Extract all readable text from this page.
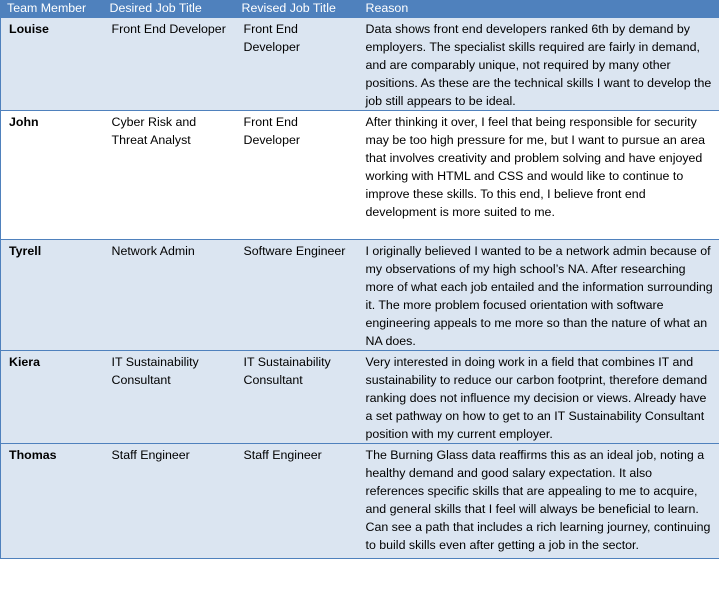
Team Member	Desired Job Title	Revised Job Title	Reason
Louise	Front End Developer	Front End Developer	Data shows front end developers ranked 6th by demand by employers. The specialist skills required are fairly in demand, and are comparably unique, not required by many other positions. As these are the technical skills I want to develop the job still appears to be ideal.
John	Cyber Risk and Threat Analyst	Front End Developer	After thinking it over, I feel that being responsible for security may be too high pressure for me, but I want to pursue an area that involves creativity and problem solving and have enjoyed working with HTML and CSS and would like to continue to improve these skills. To this end, I believe front end development is more suited to me.
Tyrell	Network Admin	Software Engineer	I originally believed I wanted to be a network admin because of my observations of my high school’s NA. After researching more of what each job entailed and the information surrounding it. The more problem focused orientation with software engineering appeals to me more so than the nature of what an NA does.
Kiera	IT Sustainability Consultant	IT Sustainability Consultant	Very interested in doing work in a field that combines IT and sustainability to reduce our carbon footprint, therefore demand ranking does not influence my decision or views. Already have a set pathway on how to get to an IT Sustainability Consultant position with my current employer.
Thomas	Staff Engineer	Staff Engineer	The Burning Glass data reaffirms this as an ideal job, noting a healthy demand and good salary expectation. It also references specific skills that are appealing to me to acquire, and general skills that I feel will always be beneficial to learn. Can see a path that includes a rich learning journey, continuing to build skills even after getting a job in the sector.
